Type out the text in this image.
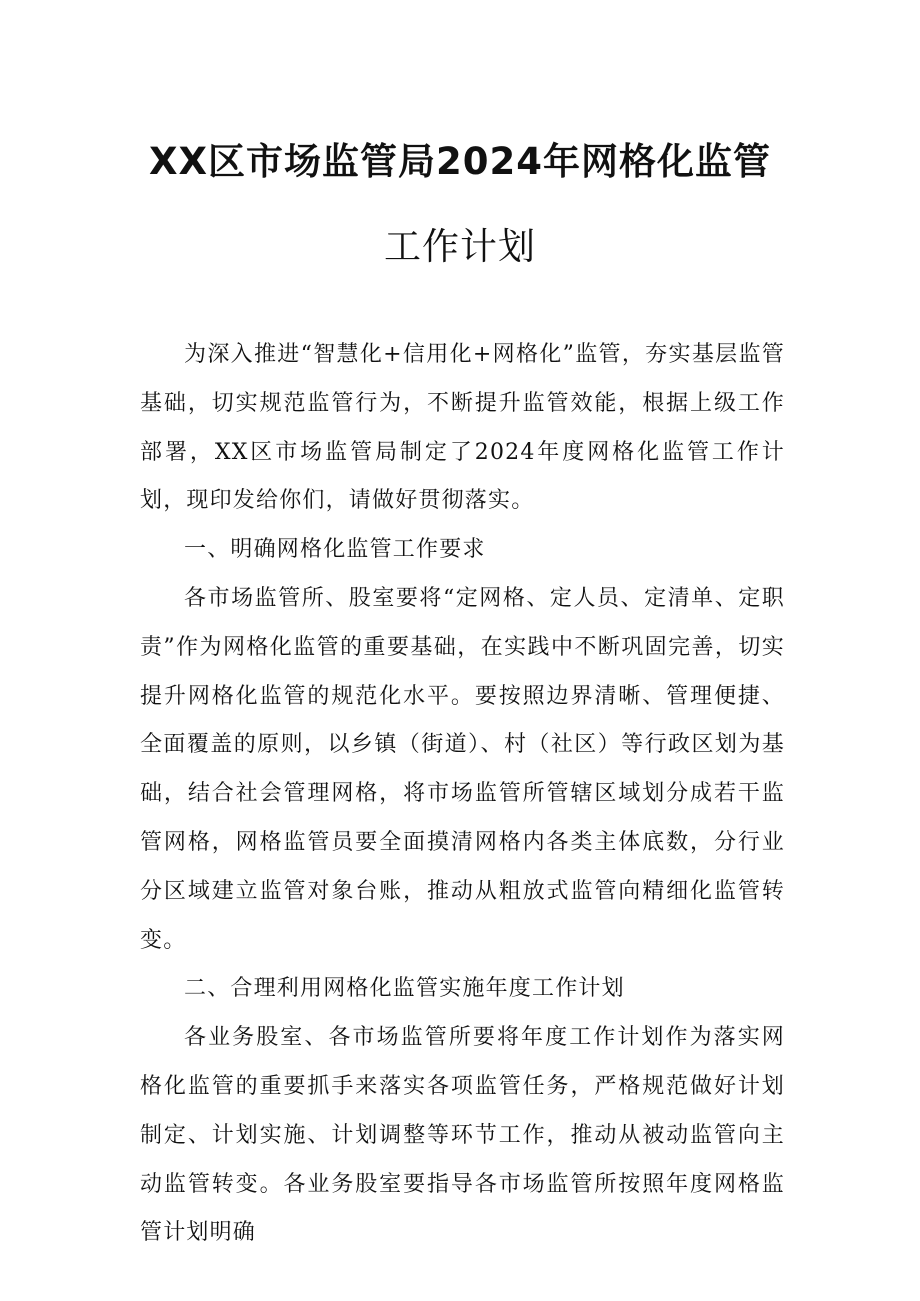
XX区市场监管局2024年网格化监管
工作计划

为深入推进“智慧化+信用化+网格化”监管，夯实基层监管基础，切实规范监管行为，不断提升监管效能，根据上级工作部署，XX区市场监管局制定了2024年度网格化监管工作计划，现印发给你们，请做好贯彻落实。

一、明确网格化监管工作要求

各市场监管所、股室要将“定网格、定人员、定清单、定职责”作为网格化监管的重要基础，在实践中不断巩固完善，切实提升网格化监管的规范化水平。要按照边界清晰、管理便捷、全面覆盖的原则，以乡镇（街道）、村（社区）等行政区划为基础，结合社会管理网格，将市场监管所管辖区域划分成若干监管网格，网格监管员要全面摸清网格内各类主体底数，分行业分区域建立监管对象台账，推动从粗放式监管向精细化监管转变。

二、合理利用网格化监管实施年度工作计划

各业务股室、各市场监管所要将年度工作计划作为落实网格化监管的重要抓手来落实各项监管任务，严格规范做好计划制定、计划实施、计划调整等环节工作，推动从被动监管向主动监管转变。各业务股室要指导各市场监管所按照年度网格监管计划明确
